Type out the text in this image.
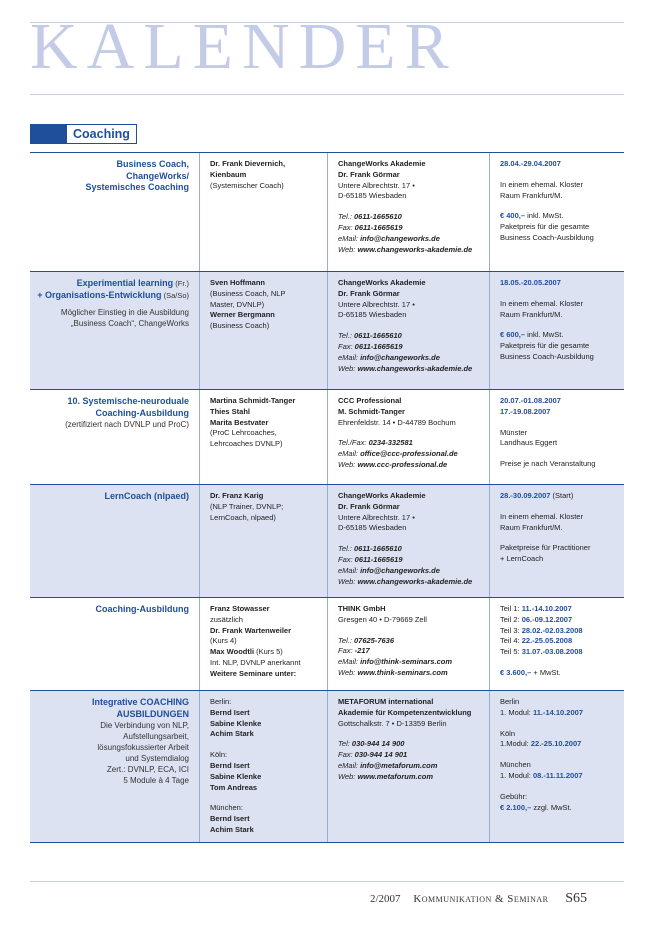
KALENDER
Coaching
Business Coach,
ChangeWorks/
Systemisches Coaching
Dr. Frank Dievernich,
Kienbaum
(Systemischer Coach)
ChangeWorks Akademie
Dr. Frank Görmar
Untere Albrechtstr. 17 •
D-65185 Wiesbaden
Tel.: 0611-1665610
Fax: 0611-1665619
eMail: info@changeworks.de
Web: www.changeworks-akademie.de
28.04.-29.04.2007
In einem ehemal. Kloster
Raum Frankfurt/M.
€ 400,– inkl. MwSt.
Paketpreis für die gesamte
Business Coach-Ausbildung
Experimential learning (Fr.)
+ Organisations-Entwicklung (Sa/So)
Möglicher Einstieg in die Ausbildung
„Business Coach“, ChangeWorks
Sven Hoffmann
(Business Coach, NLP
Master, DVNLP)
Werner Bergmann
(Business Coach)
ChangeWorks Akademie
Dr. Frank Görmar
Untere Albrechtstr. 17 •
D-65185 Wiesbaden
Tel.: 0611-1665610
Fax: 0611-1665619
eMail: info@changeworks.de
Web: www.changeworks-akademie.de
18.05.-20.05.2007
In einem ehemal. Kloster
Raum Frankfurt/M.
€ 600,– inkl. MwSt.
Paketpreis für die gesamte
Business Coach-Ausbildung
10. Systemische-neuroduale
Coaching-Ausbildung
(zertifiziert nach DVNLP und ProC)
Martina Schmidt-Tanger
Thies Stahl
Marita Bestvater
(ProC Lehrcoaches,
Lehrcoaches DVNLP)
CCC Professional
M. Schmidt-Tanger
Ehrenfeldstr. 14 • D-44789 Bochum
Tel./Fax: 0234-332581
eMail: office@ccc-professional.de
Web: www.ccc-professional.de
20.07.-01.08.2007
17.-19.08.2007
Münster
Landhaus Eggert
Preise je nach Veranstaltung
LernCoach (nlpaed)	Dr. Franz Karig
(NLP Trainer, DVNLP;
LernCoach, nlpaed)
ChangeWorks Akademie
Dr. Frank Görmar
Untere Albrechtstr. 17 •
D-65185 Wiesbaden
Tel.: 0611-1665610
Fax: 0611-1665619
eMail: info@changeworks.de
Web: www.changeworks-akademie.de
28.-30.09.2007 (Start)
In einem ehemal. Kloster
Raum Frankfurt/M.
Paketpreise für Practitioner
+ LernCoach
Coaching-Ausbildung	Franz Stowasser
zusätzlich
Dr. Frank Wartenweiler
(Kurs 4)
Max Woodtli (Kurs 5)
Int. NLP, DVNLP anerkannt
Weitere Seminare unter:
THINK GmbH
Gresgen 40 • D-79669 Zell
Tel.: 07625-7636
Fax: -217
eMail: info@think-seminars.com
Web: www.think-seminars.com
Teil 1: 11.-14.10.2007
Teil 2: 06.-09.12.2007
Teil 3: 28.02.-02.03.2008
Teil 4: 22.-25.05.2008
Teil 5: 31.07.-03.08.2008
€ 3.600,– + MwSt.
Integrative COACHING
AUSBILDUNGEN
Die Verbindung von NLP,
Aufstellungsarbeit,
lösungsfokussierter Arbeit
und Systemdialog
Zert.: DVNLP, ECA, ICI
5 Module à 4 Tage
Berlin:
Bernd Isert
Sabine Klenke
Achim Stark
Köln:
Bernd Isert
Sabine Klenke
Tom Andreas
München:
Bernd Isert
Achim Stark
METAFORUM international
Akademie für Kompetenzentwicklung
Gottschalkstr. 7 • D-13359 Berlin
Tel: 030-944 14 900
Fax: 030-944 14 901
eMail: info@metaforum.com
Web: www.metaforum.com
Berlin
1. Modul: 11.-14.10.2007
Köln
1.Modul: 22.-25.10.2007
München
1. Modul: 08.-11.11.2007
Gebühr:
€ 2.100,– zzgl. MwSt.
2/2007 Kommunikation & Seminar S65
